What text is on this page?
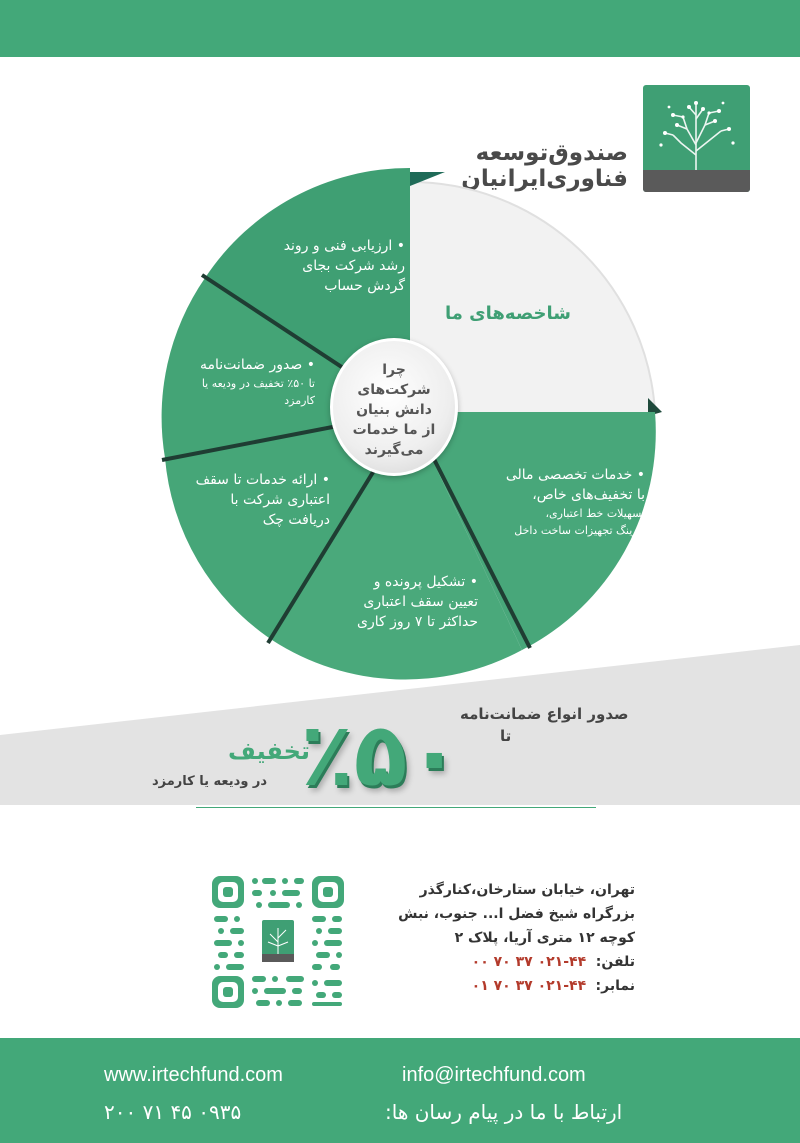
صندوق‌توسعه
فناوری‌ایرانیان
شاخصه‌های ما
• ارزیابی فنی و روند
رشد شرکت بجای
گردش حساب
• صدور ضمانت‌نامه
تا ۵۰٪ تخفیف در ودیعه یا
کارمزد
• ارائه خدمات تا سقف
اعتباری شرکت با
دریافت چک
• تشکیل پرونده و
تعیین سقف اعتباری
حداکثر تا ۷ روز کاری
• خدمات تخصصی مالی
با تخفیف‌های خاص،
تسهیلات خط اعتباری،
لیزینگ تجهیزات ساخت داخل
چرا
شرکت‌های
دانش بنیان
از ما خدمات
می‌گیرند
صدور انواع ضمانت‌نامه
تا
٪۵۰
تخفیف
در ودیعه یا کارمزد
تهران، خیابان ستارخان،کنارگذر
بزرگراه شیخ فضل ا... جنوب، نبش
کوچه ۱۲ متری آریا، پلاک ۲
تلفن: ۰۲۱-۴۴ ۳۷ ۷۰ ۰۰
نمابر: ۰۲۱-۴۴ ۳۷ ۷۰ ۰۱
www.irtechfund.com	info@irtechfund.com
۰۹۳۵ ۴۵ ۷۱ ۲۰۰	ارتباط با ما در پیام رسان ها:
